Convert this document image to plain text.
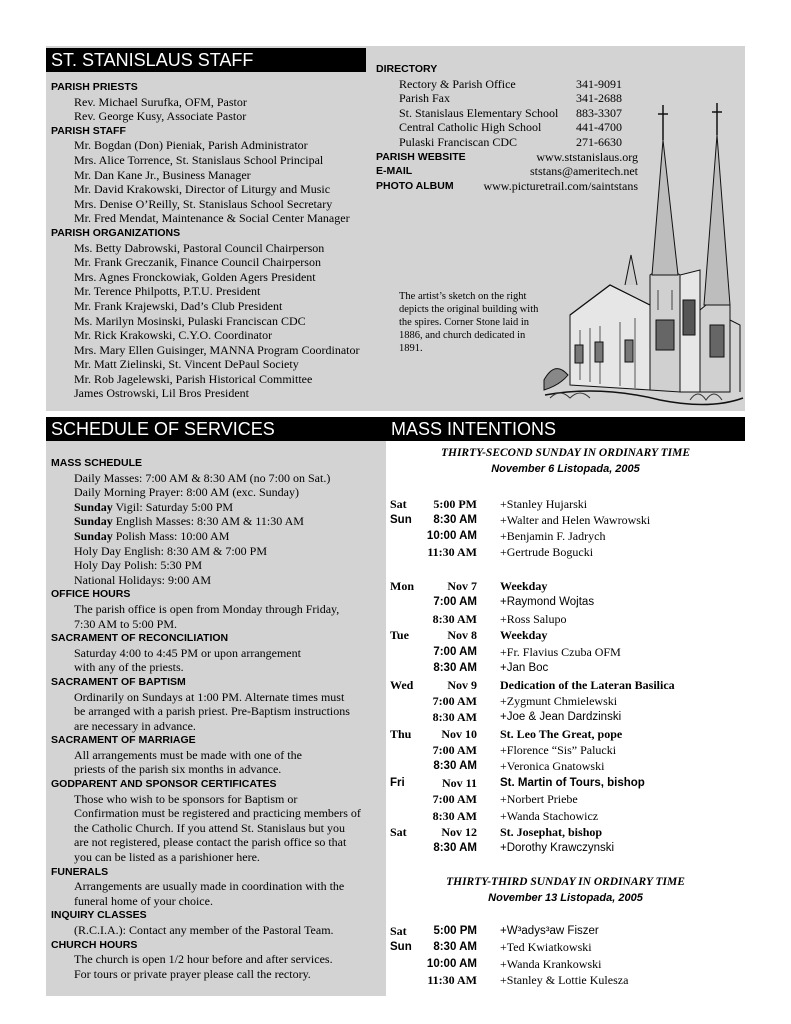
ST. STANISLAUS STAFF
PARISH PRIESTS
Rev. Michael Surufka, OFM, Pastor
Rev. George Kusy, Associate Pastor
PARISH STAFF
Mr. Bogdan (Don) Pieniak, Parish Administrator
Mrs. Alice Torrence, St. Stanislaus School Principal
Mr. Dan Kane Jr., Business Manager
Mr. David Krakowski, Director of Liturgy and Music
Mrs. Denise O’Reilly, St. Stanislaus School Secretary
Mr. Fred Mendat, Maintenance & Social Center Manager
PARISH ORGANIZATIONS
Ms. Betty Dabrowski, Pastoral Council Chairperson
Mr. Frank Greczanik, Finance Council Chairperson
Mrs. Agnes Fronckowiak, Golden Agers President
Mr. Terence Philpotts, P.T.U. President
Mr. Frank Krajewski, Dad’s Club President
Ms. Marilyn Mosinski, Pulaski Franciscan CDC
Mr. Rick Krakowski, C.Y.O. Coordinator
Mrs. Mary Ellen Guisinger, MANNA Program Coordinator
Mr. Matt Zielinski, St. Vincent DePaul Society
Mr. Rob Jagelewski, Parish Historical Committee
James Ostrowski, Lil Bros President
DIRECTORY
Rectory & Parish Office	341-9091
Parish Fax	341-2688
St. Stanislaus Elementary School	883-3307
Central Catholic High School	441-4700
Pulaski Franciscan CDC	271-6630
PARISH WEBSITE	www.ststanislaus.org
E-MAIL	ststans@ameritech.net
PHOTO ALBUM	www.picturetrail.com/saintstans
The artist’s sketch on the right depicts the original building with the spires. Corner Stone laid in 1886, and church dedicated in 1891.
SCHEDULE OF SERVICES
MASS SCHEDULE
Daily Masses: 7:00 AM & 8:30 AM (no 7:00 on Sat.)
Daily Morning Prayer: 8:00 AM (exc. Sunday)
Sunday Vigil: Saturday 5:00 PM
Sunday English Masses: 8:30 AM & 11:30 AM
Sunday Polish Mass: 10:00 AM
Holy Day English: 8:30 AM & 7:00 PM
Holy Day Polish: 5:30 PM
National Holidays: 9:00 AM
OFFICE HOURS
The parish office is open from Monday through Friday,
7:30 AM to 5:00 PM.
SACRAMENT OF RECONCILIATION
Saturday 4:00 to 4:45 PM or upon arrangement
with any of the priests.
SACRAMENT OF BAPTISM
Ordinarily on Sundays at 1:00 PM. Alternate times must
be arranged with a parish priest. Pre-Baptism instructions
are necessary in advance.
SACRAMENT OF MARRIAGE
All arrangements must be made with one of the
priests of the parish six months in advance.
GODPARENT AND SPONSOR CERTIFICATES
Those who wish to be sponsors for Baptism or
Confirmation must be registered and practicing members of
the Catholic Church. If you attend St. Stanislaus but you
are not registered, please contact the parish office so that
you can be listed as a parishioner here.
FUNERALS
Arrangements are usually made in coordination with the
funeral home of your choice.
INQUIRY CLASSES
(R.C.I.A.): Contact any member of the Pastoral Team.
CHURCH HOURS
The church is open 1/2 hour before and after services.
For tours or private prayer please call the rectory.
MASS INTENTIONS
THIRTY-SECOND SUNDAY IN ORDINARY TIME
November 6 Listopada, 2005
THIRTY-THIRD SUNDAY IN ORDINARY TIME
November 13 Listopada, 2005
Sat	5:00 PM +Stanley Hujarski
Sun	8:30 AM +Walter and Helen Wawrowski
10:00 AM +Benjamin F. Jadrych
11:30 AM +Gertrude Bogucki
Mon	Nov 7 Weekday
7:00 AM +Raymond Wojtas
8:30 AM +Ross Salupo
Tue	Nov 8 Weekday
7:00 AM +Fr. Flavius Czuba OFM
8:30 AM +Jan Boc
Wed	Nov 9 Dedication of the Lateran Basilica
7:00 AM +Zygmunt Chmielewski
8:30 AM +Joe & Jean Dardzinski
Thu	Nov 10 St. Leo The Great, pope
7:00 AM +Florence “Sis” Palucki
8:30 AM +Veronica Gnatowski
Fri	Nov 11 St. Martin of Tours, bishop
7:00 AM +Norbert Priebe
8:30 AM +Wanda Stachowicz
Sat	Nov 12 St. Josephat, bishop
8:30 AM +Dorothy Krawczynski
Sat	5:00 PM +W³adys³aw Fiszer
Sun	8:30 AM +Ted Kwiatkowski
10:00 AM +Wanda Krankowski
11:30 AM +Stanley & Lottie Kulesza
